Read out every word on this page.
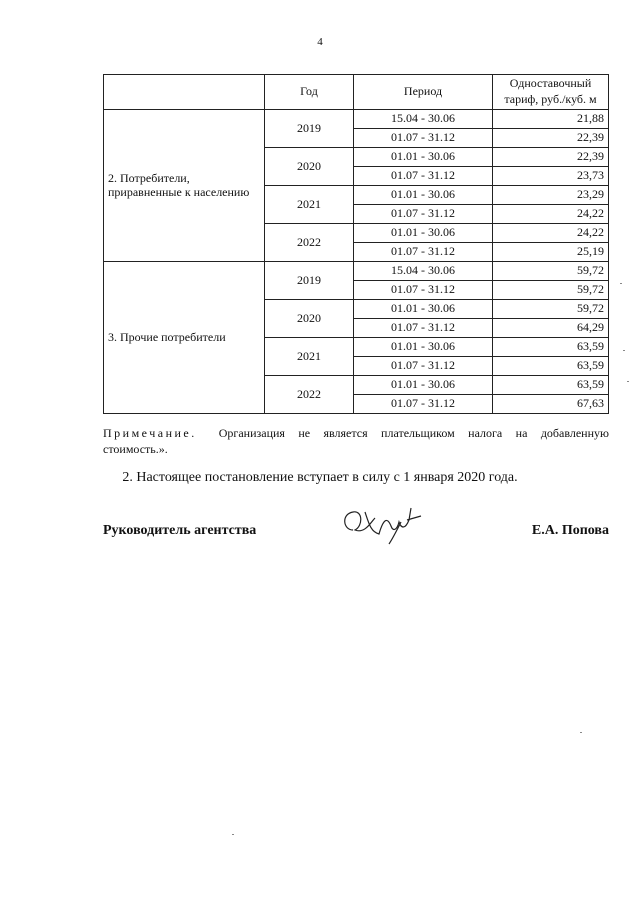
4
	Год	Период	Одноставочный тариф, руб./куб. м
2. Потребители, приравненные к населению	2019	15.04 - 30.06	21,88
		01.07 - 31.12	22,39
	2020	01.01 - 30.06	22,39
		01.07 - 31.12	23,73
	2021	01.01 - 30.06	23,29
		01.07 - 31.12	24,22
	2022	01.01 - 30.06	24,22
		01.07 - 31.12	25,19
3. Прочие потребители	2019	15.04 - 30.06	59,72
		01.07 - 31.12	59,72
	2020	01.01 - 30.06	59,72
		01.07 - 31.12	64,29
	2021	01.01 - 30.06	63,59
		01.07 - 31.12	63,59
	2022	01.01 - 30.06	63,59
		01.07 - 31.12	67,63
Примечание. Организация не является плательщиком налога на добавленную стоимость.».
2. Настоящее постановление вступает в силу с 1 января 2020 года.
Руководитель агентства	Е.А. Попова
